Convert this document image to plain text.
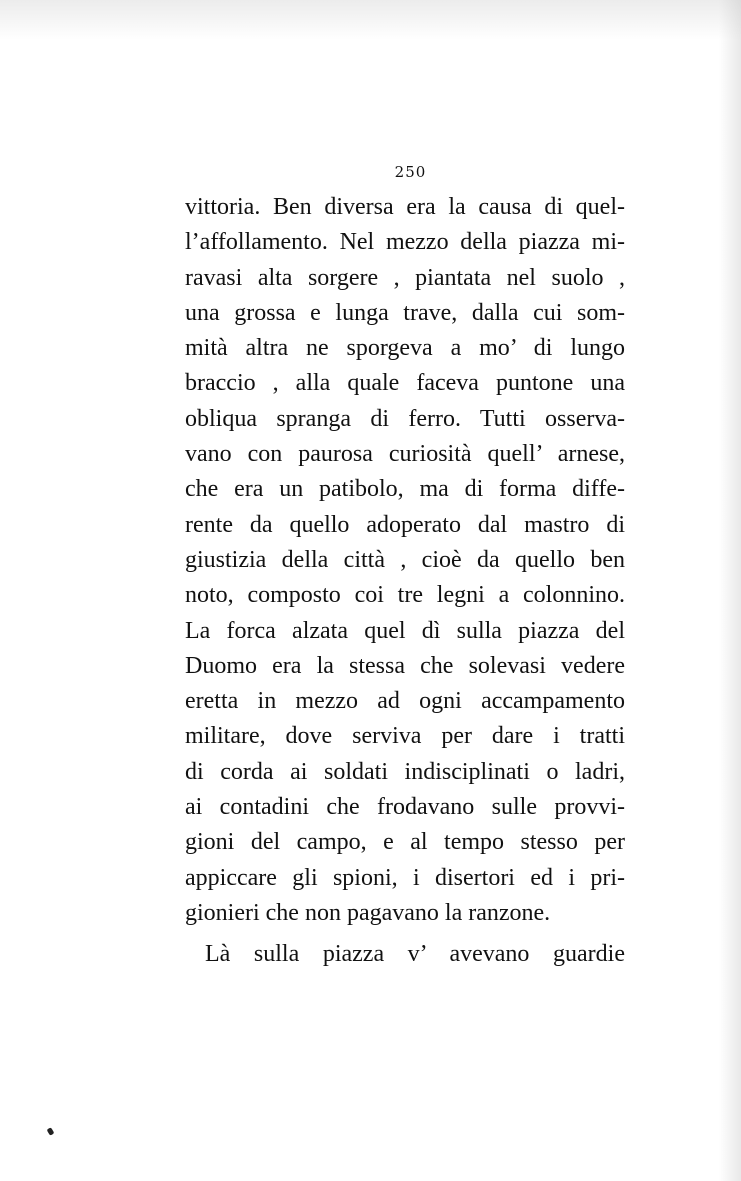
250
vittoria. Ben diversa era la causa di quel-
l’affollamento. Nel mezzo della piazza mi-
ravasi alta sorgere , piantata nel suolo ,
una grossa e lunga trave, dalla cui som-
mità altra ne sporgeva a mo’ di lungo
braccio , alla quale faceva puntone una
obliqua spranga di ferro. Tutti osserva-
vano con paurosa curiosità quell’ arnese,
che era un patibolo, ma di forma diffe-
rente da quello adoperato dal mastro di
giustizia della città , cioè da quello ben
noto, composto coi tre legni a colonnino.
La forca alzata quel dì sulla piazza del
Duomo era la stessa che solevasi vedere
eretta in mezzo ad ogni accampamento
militare, dove serviva per dare i tratti
di corda ai soldati indisciplinati o ladri,
ai contadini che frodavano sulle provvi-
gioni del campo, e al tempo stesso per
appiccare gli spioni, i disertori ed i pri-
gionieri che non pagavano la ranzone.
Là sulla piazza v’ avevano guardie
